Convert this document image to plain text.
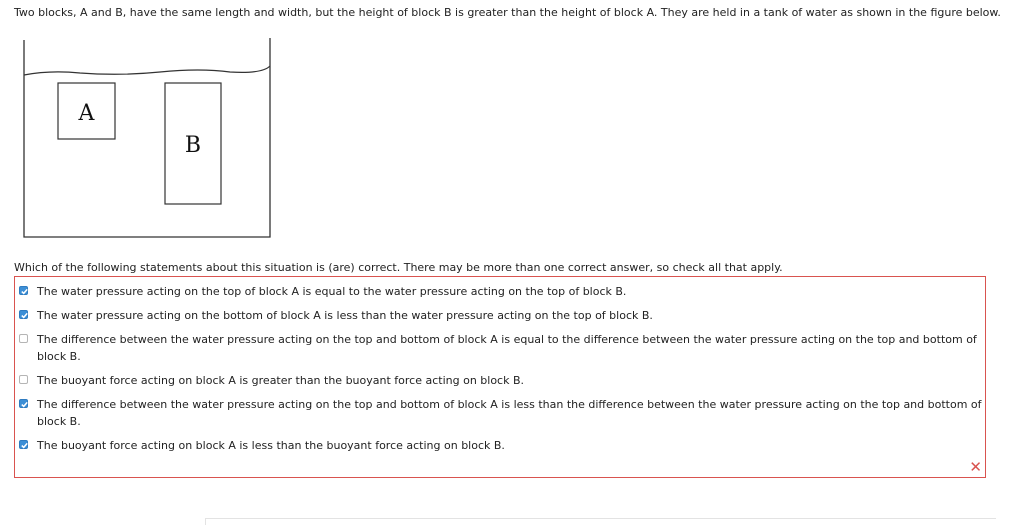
Two blocks, A and B, have the same length and width, but the height of block B is greater than the height of block A. They are held in a tank of water as shown in the figure below.
A
B
Which of the following statements about this situation is (are) correct. There may be more than one correct answer, so check all that apply.
The water pressure acting on the top of block A is equal to the water pressure acting on the top of block B.
The water pressure acting on the bottom of block A is less than the water pressure acting on the top of block B.
The difference between the water pressure acting on the top and bottom of block A is equal to the difference between the water pressure acting on the top and bottom of block B.
The buoyant force acting on block A is greater than the buoyant force acting on block B.
The difference between the water pressure acting on the top and bottom of block A is less than the difference between the water pressure acting on the top and bottom of block B.
The buoyant force acting on block A is less than the buoyant force acting on block B.
✕
